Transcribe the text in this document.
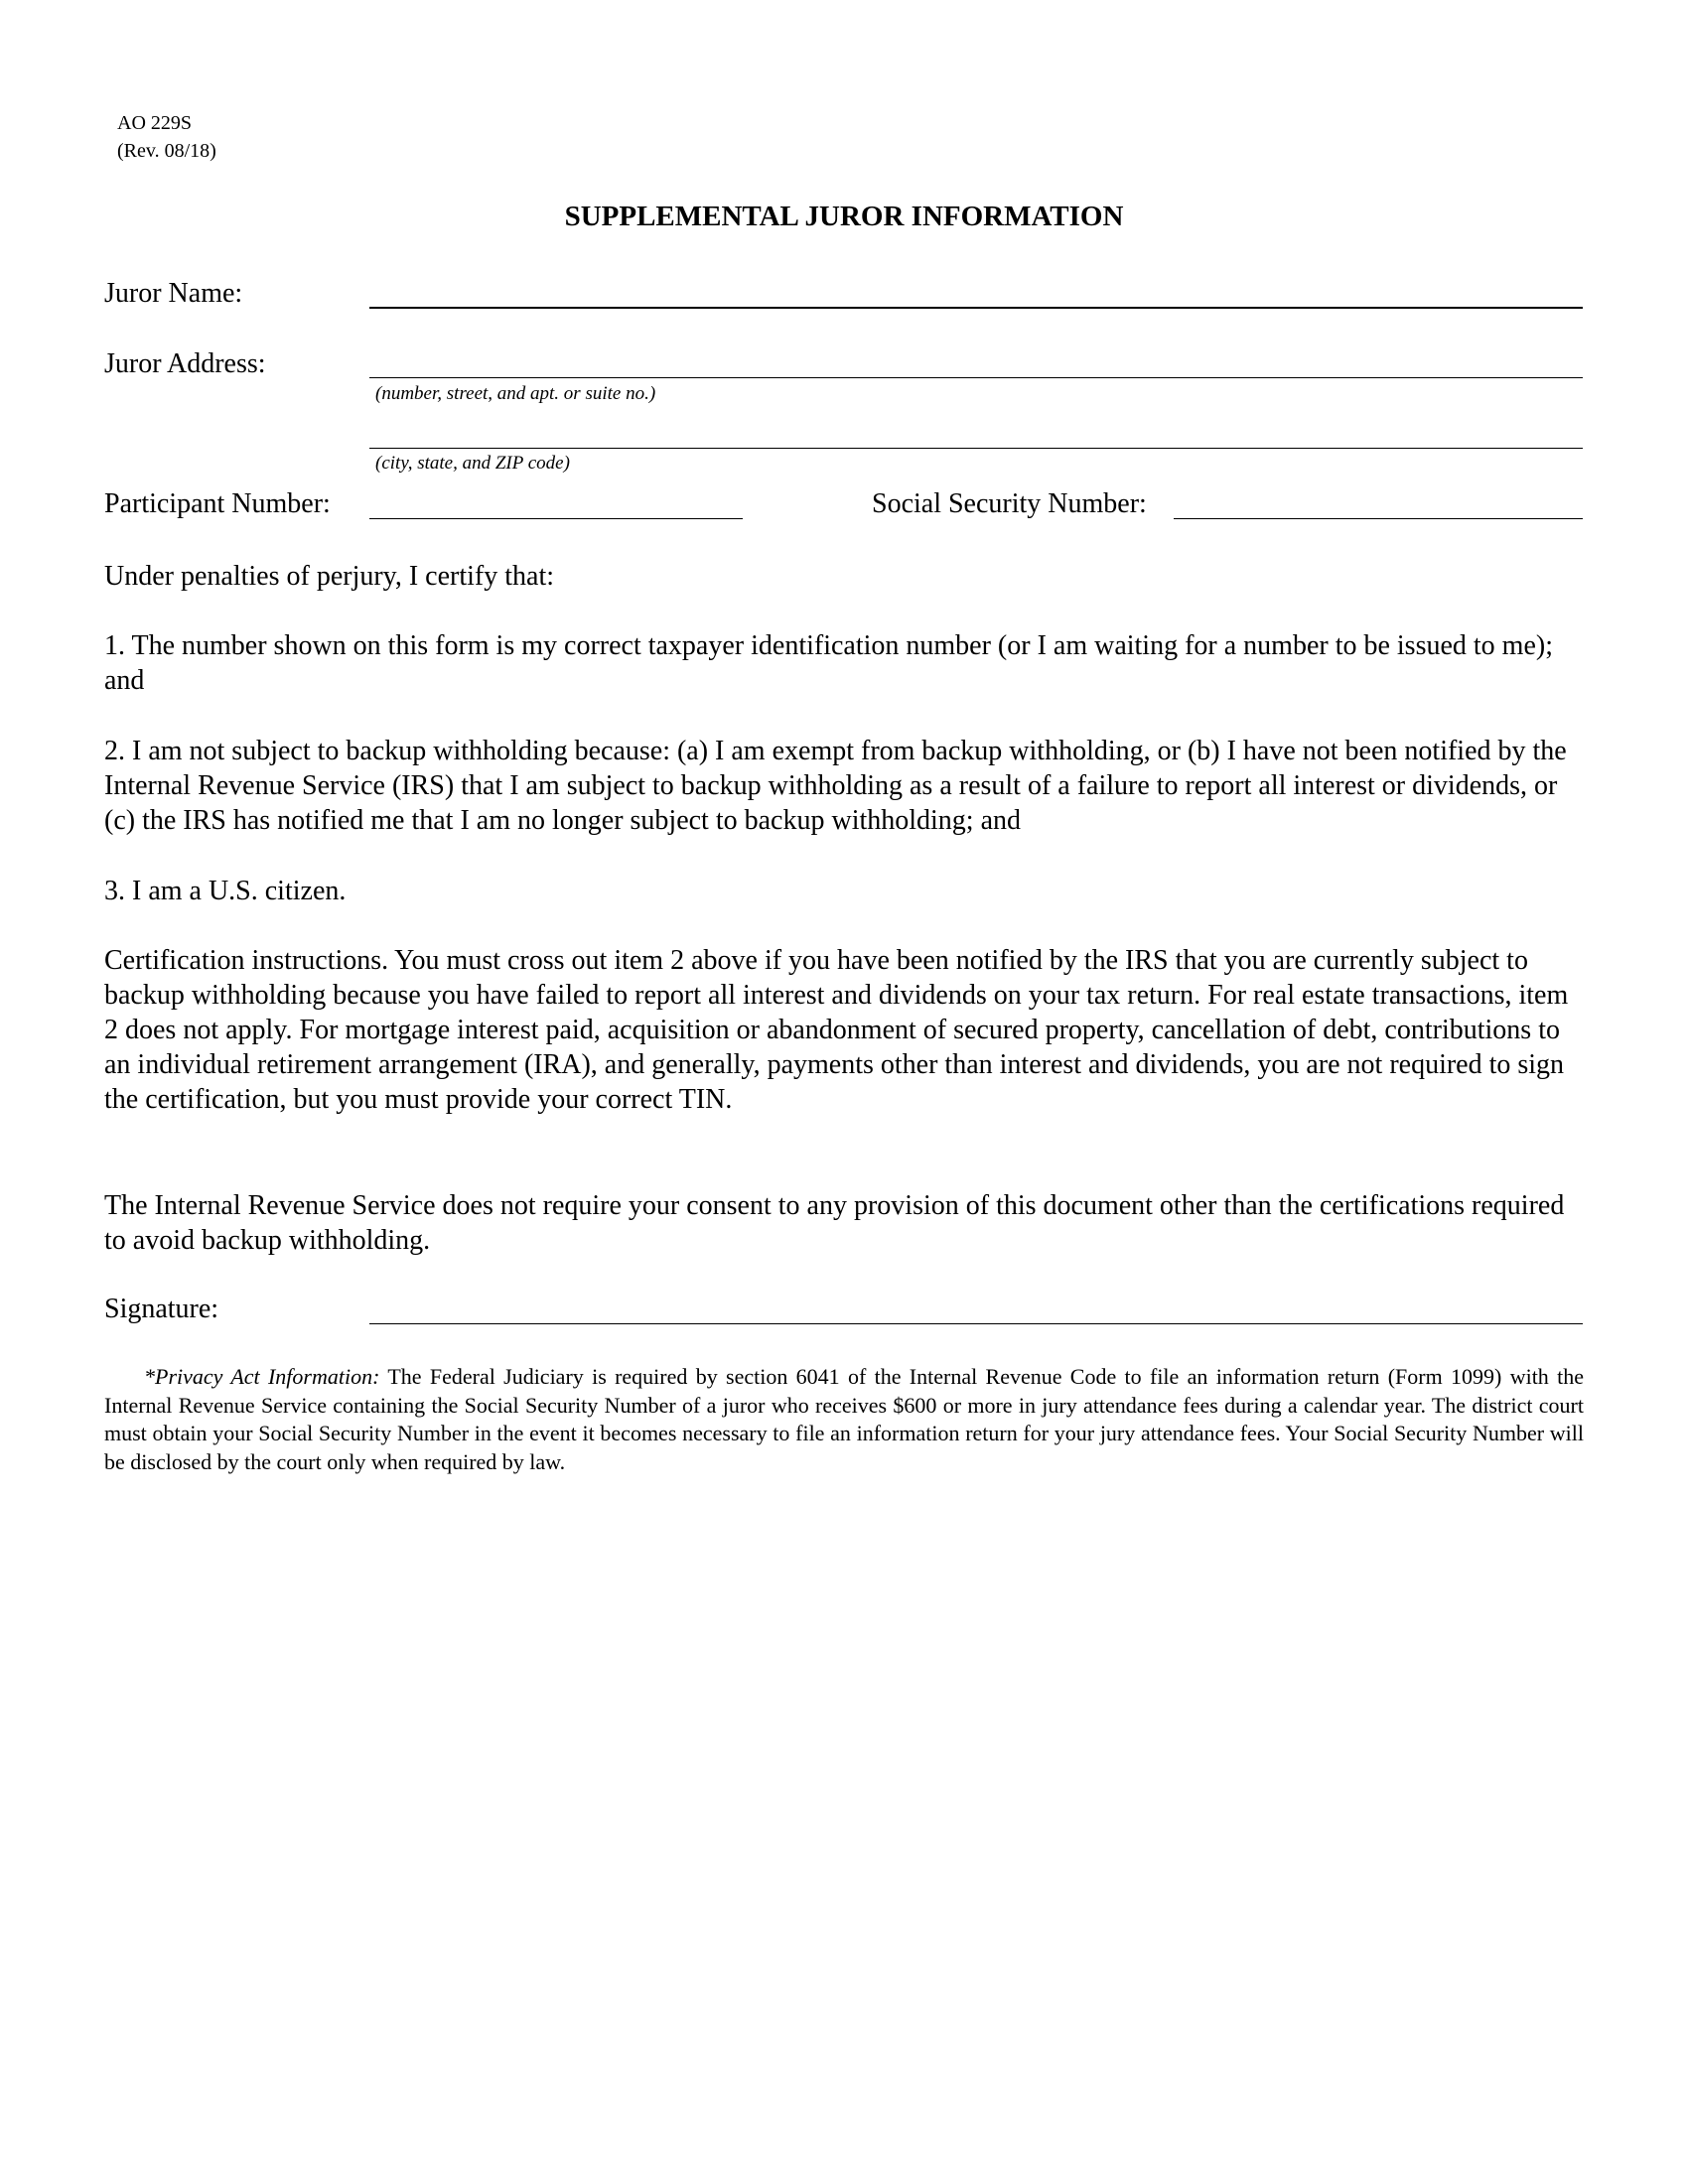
AO 229S
(Rev. 08/18)
SUPPLEMENTAL JUROR INFORMATION
Juror Name:
Juror Address:
(number, street, and apt. or suite no.)
(city, state, and ZIP code)
Participant Number:	Social Security Number:
Under penalties of perjury, I certify that:
1. The number shown on this form is my correct taxpayer identification number (or I am waiting for a number to be issued to me); and
2. I am not subject to backup withholding because: (a) I am exempt from backup withholding, or (b) I have not been notified by the Internal Revenue Service (IRS) that I am subject to backup withholding as a result of a failure to report all interest or dividends, or (c) the IRS has notified me that I am no longer subject to backup withholding; and
3. I am a U.S. citizen.
Certification instructions. You must cross out item 2 above if you have been notified by the IRS that you are currently subject to backup withholding because you have failed to report all interest and dividends on your tax return. For real estate transactions, item 2 does not apply. For mortgage interest paid, acquisition or abandonment of secured property, cancellation of debt, contributions to an individual retirement arrangement (IRA), and generally, payments other than interest and dividends, you are not required to sign the certification, but you must provide your correct TIN.
The Internal Revenue Service does not require your consent to any provision of this document other than the certifications required to avoid backup withholding.
Signature:
*Privacy Act Information: The Federal Judiciary is required by section 6041 of the Internal Revenue Code to file an information return (Form 1099) with the Internal Revenue Service containing the Social Security Number of a juror who receives $600 or more in jury attendance fees during a calendar year. The district court must obtain your Social Security Number in the event it becomes necessary to file an information return for your jury attendance fees. Your Social Security Number will be disclosed by the court only when required by law.
